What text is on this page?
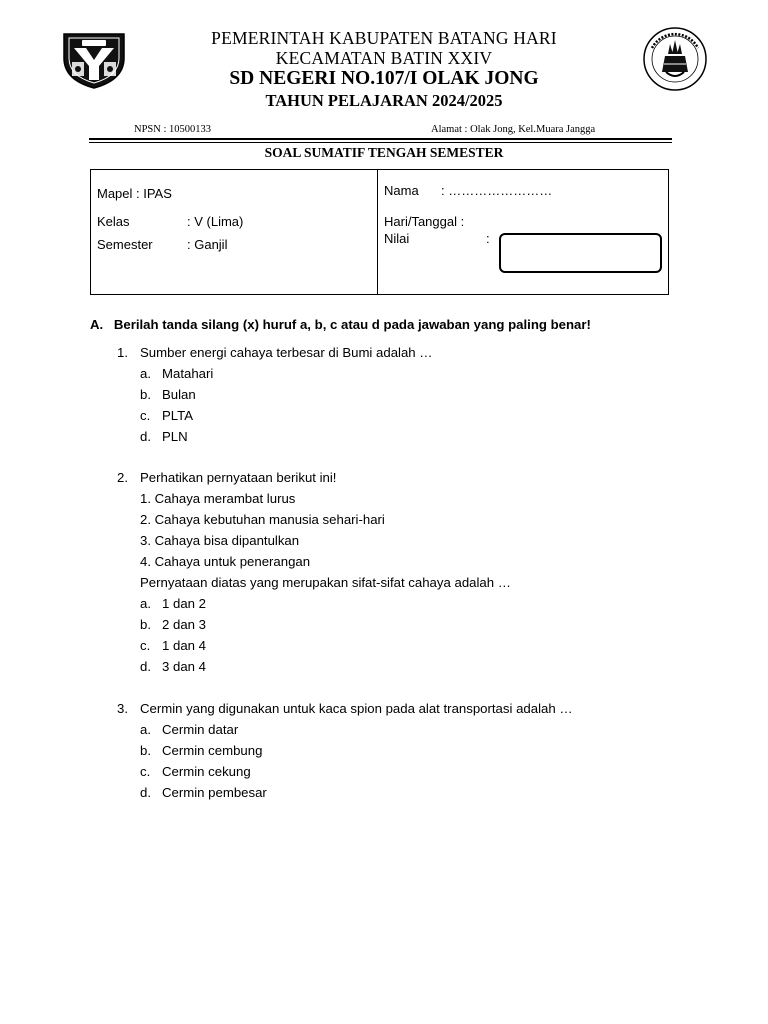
PEMERINTAH KABUPATEN BATANG HARI
KECAMATAN BATIN XXIV
SD NEGERI NO.107/I OLAK JONG
TAHUN PELAJARAN 2024/2025
NPSN : 10500133	Alamat : Olak Jong, Kel.Muara Jangga
SOAL SUMATIF TENGAH SEMESTER
Mapel : IPAS
Kelas	: V (Lima)
Semester	: Ganjil
Nama : ……………………
Hari/Tanggal :
Nilai	:
A. Berilah tanda silang (x) huruf a, b, c atau d pada jawaban yang paling benar!
1. Sumber energi cahaya terbesar di Bumi adalah …
a. Matahari
b. Bulan
c. PLTA
d. PLN
2. Perhatikan pernyataan berikut ini!
1. Cahaya merambat lurus
2. Cahaya kebutuhan manusia sehari-hari
3. Cahaya bisa dipantulkan
4. Cahaya untuk penerangan
Pernyataan diatas yang merupakan sifat-sifat cahaya adalah …
a. 1 dan 2
b. 2 dan 3
c. 1 dan 4
d. 3 dan 4
3. Cermin yang digunakan untuk kaca spion pada alat transportasi adalah …
a. Cermin datar
b. Cermin cembung
c. Cermin cekung
d. Cermin pembesar
